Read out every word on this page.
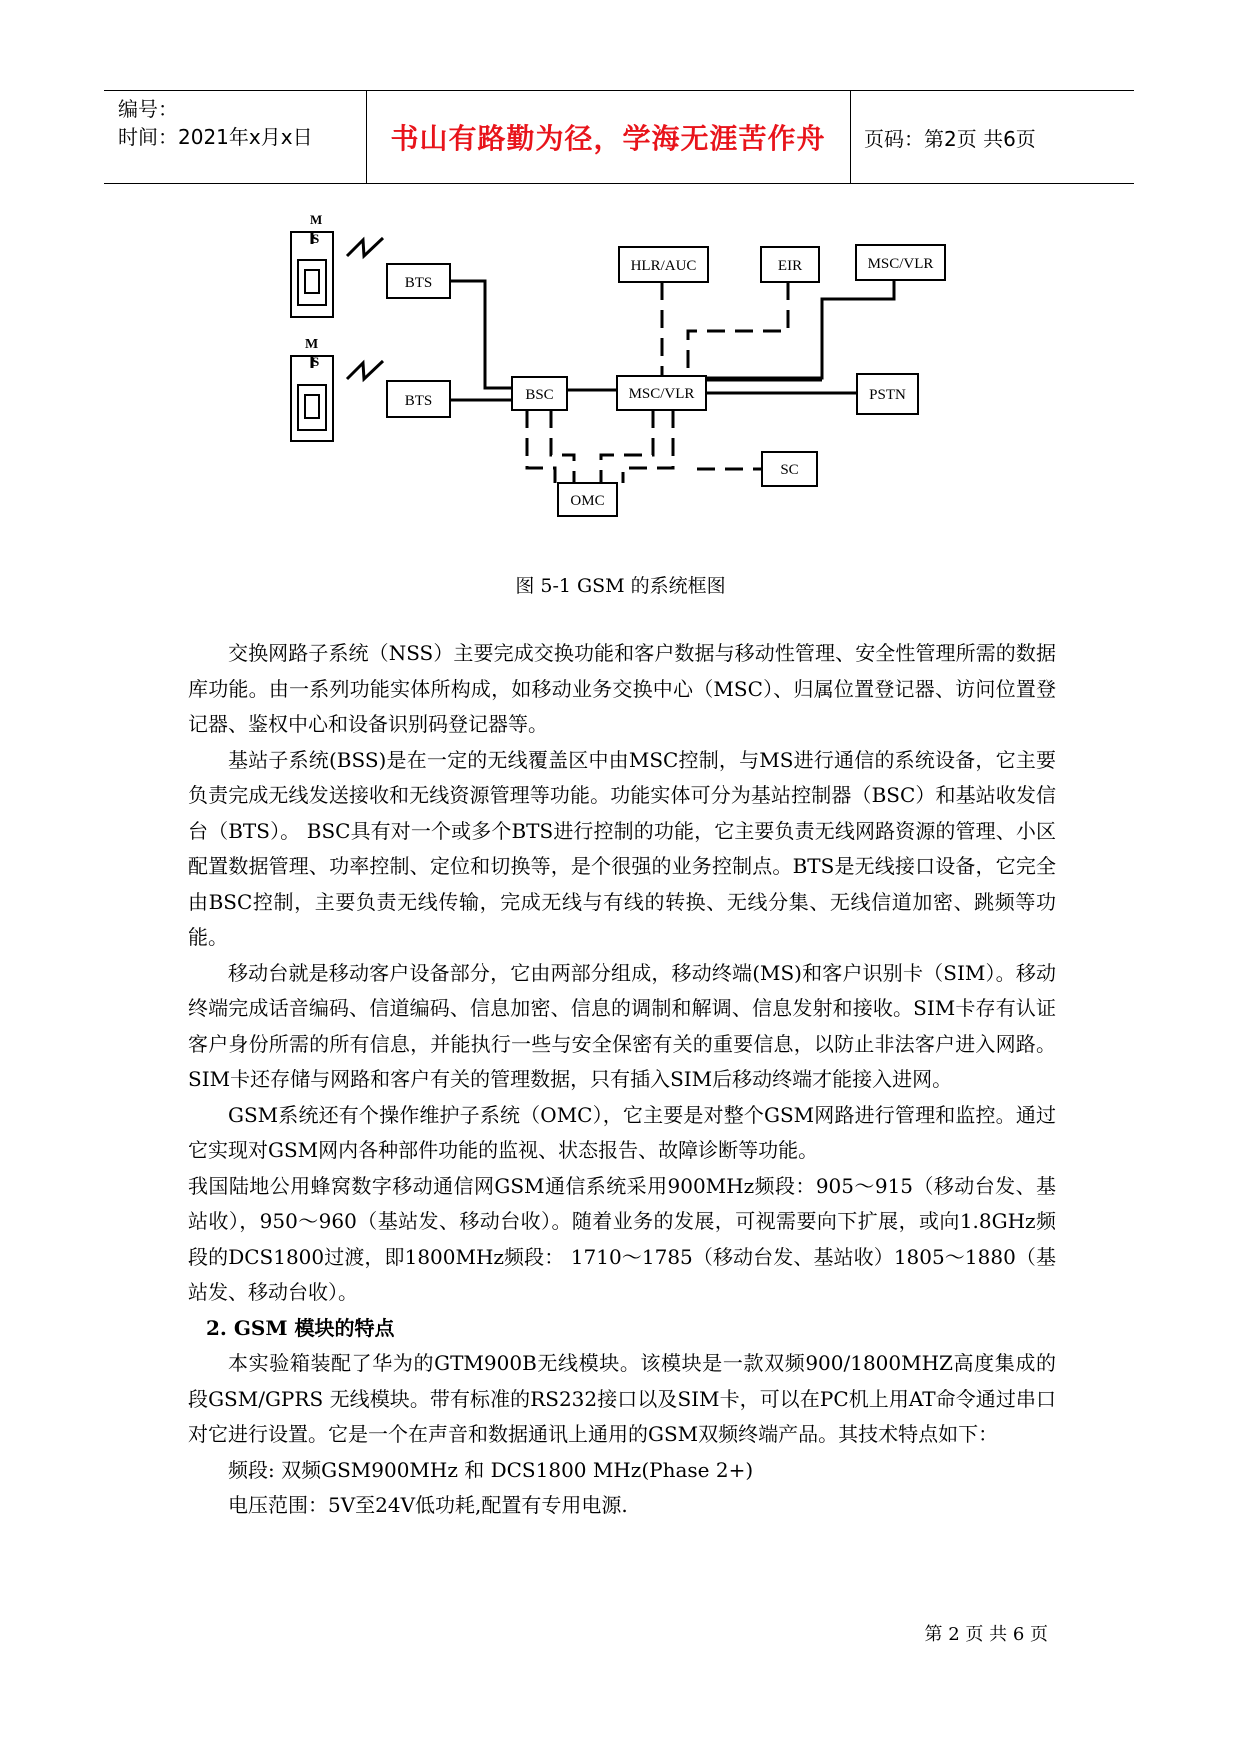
编号：
时间：2021年x月x日	书山有路勤为径，学海无涯苦作舟	页码：第2页 共6页
M
S
M
S
BTS
BTS	BSC	MSC/VLR
HLR/AUC	EIR	MSC/VLR
PSTN
SC
OMC
图 5-1 GSM 的系统框图

交换网路子系统（NSS）主要完成交换功能和客户数据与移动性管理、安全性管理所需的数据库功能。由一系列功能实体所构成，如移动业务交换中心（MSC）、归属位置登记器、访问位置登记器、鉴权中心和设备识别码登记器等。

基站子系统(BSS)是在一定的无线覆盖区中由MSC控制，与MS进行通信的系统设备，它主要负责完成无线发送接收和无线资源管理等功能。功能实体可分为基站控制器（BSC）和基站收发信台（BTS）。 BSC具有对一个或多个BTS进行控制的功能，它主要负责无线网路资源的管理、小区配置数据管理、功率控制、定位和切换等，是个很强的业务控制点。BTS是无线接口设备，它完全由BSC控制，主要负责无线传输，完成无线与有线的转换、无线分集、无线信道加密、跳频等功能。

移动台就是移动客户设备部分，它由两部分组成，移动终端(MS)和客户识别卡（SIM）。移动终端完成话音编码、信道编码、信息加密、信息的调制和解调、信息发射和接收。SIM卡存有认证客户身份所需的所有信息，并能执行一些与安全保密有关的重要信息，以防止非法客户进入网路。SIM卡还存储与网路和客户有关的管理数据，只有插入SIM后移动终端才能接入进网。

GSM系统还有个操作维护子系统（OMC），它主要是对整个GSM网路进行管理和监控。通过它实现对GSM网内各种部件功能的监视、状态报告、故障诊断等功能。

我国陆地公用蜂窝数字移动通信网GSM通信系统采用900MHz频段：905～915（移动台发、基站收），950～960（基站发、移动台收）。随着业务的发展，可视需要向下扩展，或向1.8GHz频段的DCS1800过渡，即1800MHz频段： 1710～1785（移动台发、基站收）1805～1880（基站发、移动台收）。

2. GSM 模块的特点

本实验箱装配了华为的GTM900B无线模块。该模块是一款双频900/1800MHZ高度集成的段GSM/GPRS 无线模块。带有标准的RS232接口以及SIM卡，可以在PC机上用AT命令通过串口对它进行设置。它是一个在声音和数据通讯上通用的GSM双频终端产品。其技术特点如下：

频段: 双频GSM900MHz 和 DCS1800 MHz(Phase 2+)

电压范围：5V至24V低功耗,配置有专用电源.

第 2 页 共 6 页
